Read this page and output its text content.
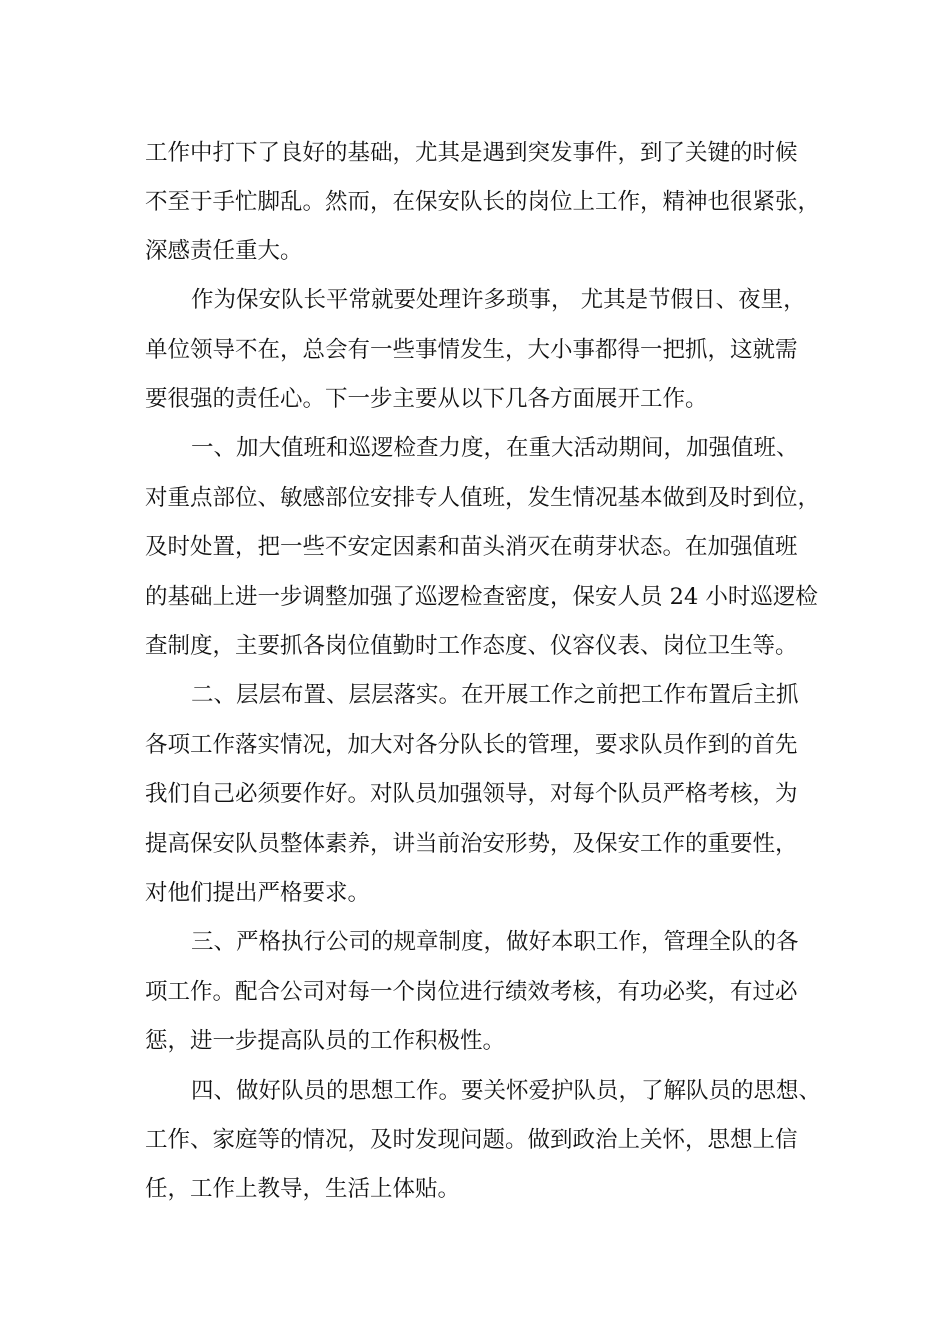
工作中打下了良好的基础，尤其是遇到突发事件，到了关键的时候
不至于手忙脚乱。然而，在保安队长的岗位上工作，精神也很紧张，
深感责任重大。
作为保安队长平常就要处理许多琐事， 尤其是节假日、夜里，
单位领导不在，总会有一些事情发生，大小事都得一把抓，这就需
要很强的责任心。下一步主要从以下几各方面展开工作。
一、加大值班和巡逻检查力度，在重大活动期间，加强值班、
对重点部位、敏感部位安排专人值班，发生情况基本做到及时到位，
及时处置，把一些不安定因素和苗头消灭在萌芽状态。在加强值班
的基础上进一步调整加强了巡逻检查密度，保安人员 24 小时巡逻检
查制度，主要抓各岗位值勤时工作态度、仪容仪表、岗位卫生等。
二、层层布置、层层落实。在开展工作之前把工作布置后主抓
各项工作落实情况，加大对各分队长的管理，要求队员作到的首先
我们自己必须要作好。对队员加强领导，对每个队员严格考核，为
提高保安队员整体素养，讲当前治安形势，及保安工作的重要性，
对他们提出严格要求。
三、严格执行公司的规章制度，做好本职工作，管理全队的各
项工作。配合公司对每一个岗位进行绩效考核，有功必奖，有过必
惩，进一步提高队员的工作积极性。
四、做好队员的思想工作。要关怀爱护队员，了解队员的思想、
工作、家庭等的情况，及时发现问题。做到政治上关怀，思想上信
任，工作上教导，生活上体贴。
